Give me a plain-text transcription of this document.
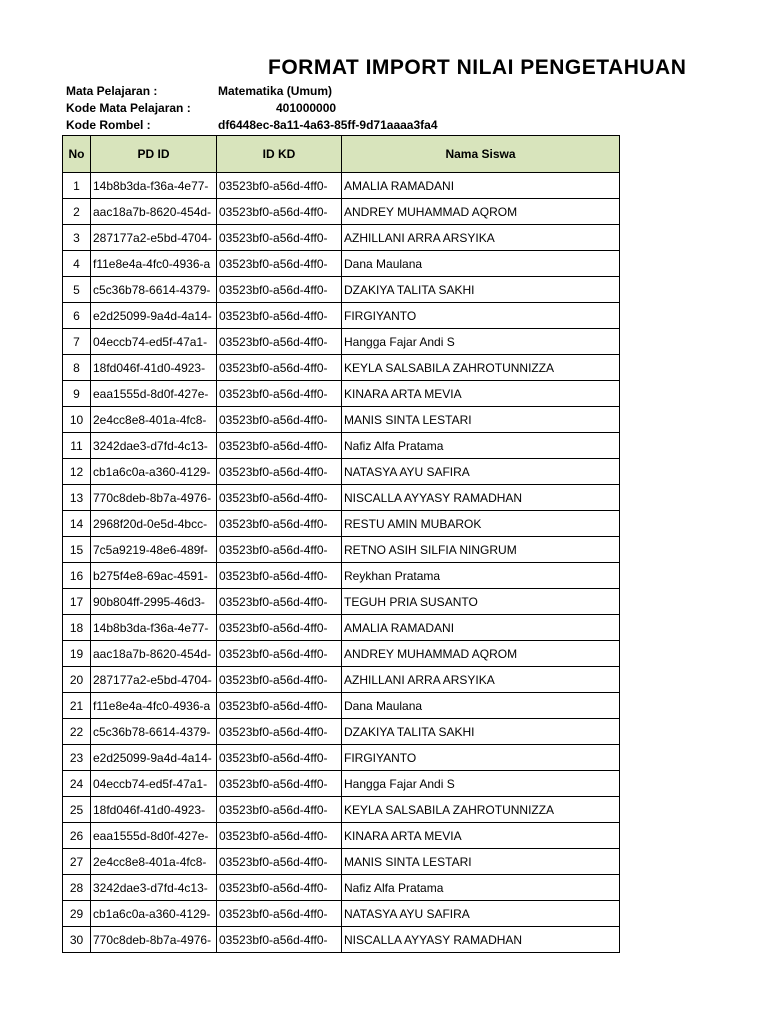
FORMAT IMPORT NILAI PENGETAHUAN
Mata Pelajaran :	Matematika (Umum)
Kode Mata Pelajaran :	401000000
Kode Rombel :	df6448ec-8a11-4a63-85ff-9d71aaaa3fa4
No	PD ID	ID KD	Nama Siswa
1	14b8b3da-f36a-4e77-	03523bf0-a56d-4ff0-	AMALIA RAMADANI
2	aac18a7b-8620-454d-	03523bf0-a56d-4ff0-	ANDREY MUHAMMAD AQROM
3	287177a2-e5bd-4704-	03523bf0-a56d-4ff0-	AZHILLANI ARRA ARSYIKA
4	f11e8e4a-4fc0-4936-a	03523bf0-a56d-4ff0-	Dana Maulana
5	c5c36b78-6614-4379-	03523bf0-a56d-4ff0-	DZAKIYA TALITA SAKHI
6	e2d25099-9a4d-4a14-	03523bf0-a56d-4ff0-	FIRGIYANTO
7	04eccb74-ed5f-47a1-	03523bf0-a56d-4ff0-	Hangga Fajar Andi S
8	18fd046f-41d0-4923-	03523bf0-a56d-4ff0-	KEYLA SALSABILA ZAHROTUNNIZZA
9	eaa1555d-8d0f-427e-	03523bf0-a56d-4ff0-	KINARA ARTA MEVIA
10	2e4cc8e8-401a-4fc8-	03523bf0-a56d-4ff0-	MANIS SINTA LESTARI
11	3242dae3-d7fd-4c13-	03523bf0-a56d-4ff0-	Nafiz Alfa Pratama
12	cb1a6c0a-a360-4129-	03523bf0-a56d-4ff0-	NATASYA AYU SAFIRA
13	770c8deb-8b7a-4976-	03523bf0-a56d-4ff0-	NISCALLA AYYASY RAMADHAN
14	2968f20d-0e5d-4bcc-	03523bf0-a56d-4ff0-	RESTU AMIN MUBAROK
15	7c5a9219-48e6-489f-	03523bf0-a56d-4ff0-	RETNO ASIH SILFIA NINGRUM
16	b275f4e8-69ac-4591-	03523bf0-a56d-4ff0-	Reykhan Pratama
17	90b804ff-2995-46d3-	03523bf0-a56d-4ff0-	TEGUH PRIA SUSANTO
18	14b8b3da-f36a-4e77-	03523bf0-a56d-4ff0-	AMALIA RAMADANI
19	aac18a7b-8620-454d-	03523bf0-a56d-4ff0-	ANDREY MUHAMMAD AQROM
20	287177a2-e5bd-4704-	03523bf0-a56d-4ff0-	AZHILLANI ARRA ARSYIKA
21	f11e8e4a-4fc0-4936-a	03523bf0-a56d-4ff0-	Dana Maulana
22	c5c36b78-6614-4379-	03523bf0-a56d-4ff0-	DZAKIYA TALITA SAKHI
23	e2d25099-9a4d-4a14-	03523bf0-a56d-4ff0-	FIRGIYANTO
24	04eccb74-ed5f-47a1-	03523bf0-a56d-4ff0-	Hangga Fajar Andi S
25	18fd046f-41d0-4923-	03523bf0-a56d-4ff0-	KEYLA SALSABILA ZAHROTUNNIZZA
26	eaa1555d-8d0f-427e-	03523bf0-a56d-4ff0-	KINARA ARTA MEVIA
27	2e4cc8e8-401a-4fc8-	03523bf0-a56d-4ff0-	MANIS SINTA LESTARI
28	3242dae3-d7fd-4c13-	03523bf0-a56d-4ff0-	Nafiz Alfa Pratama
29	cb1a6c0a-a360-4129-	03523bf0-a56d-4ff0-	NATASYA AYU SAFIRA
30	770c8deb-8b7a-4976-	03523bf0-a56d-4ff0-	NISCALLA AYYASY RAMADHAN
